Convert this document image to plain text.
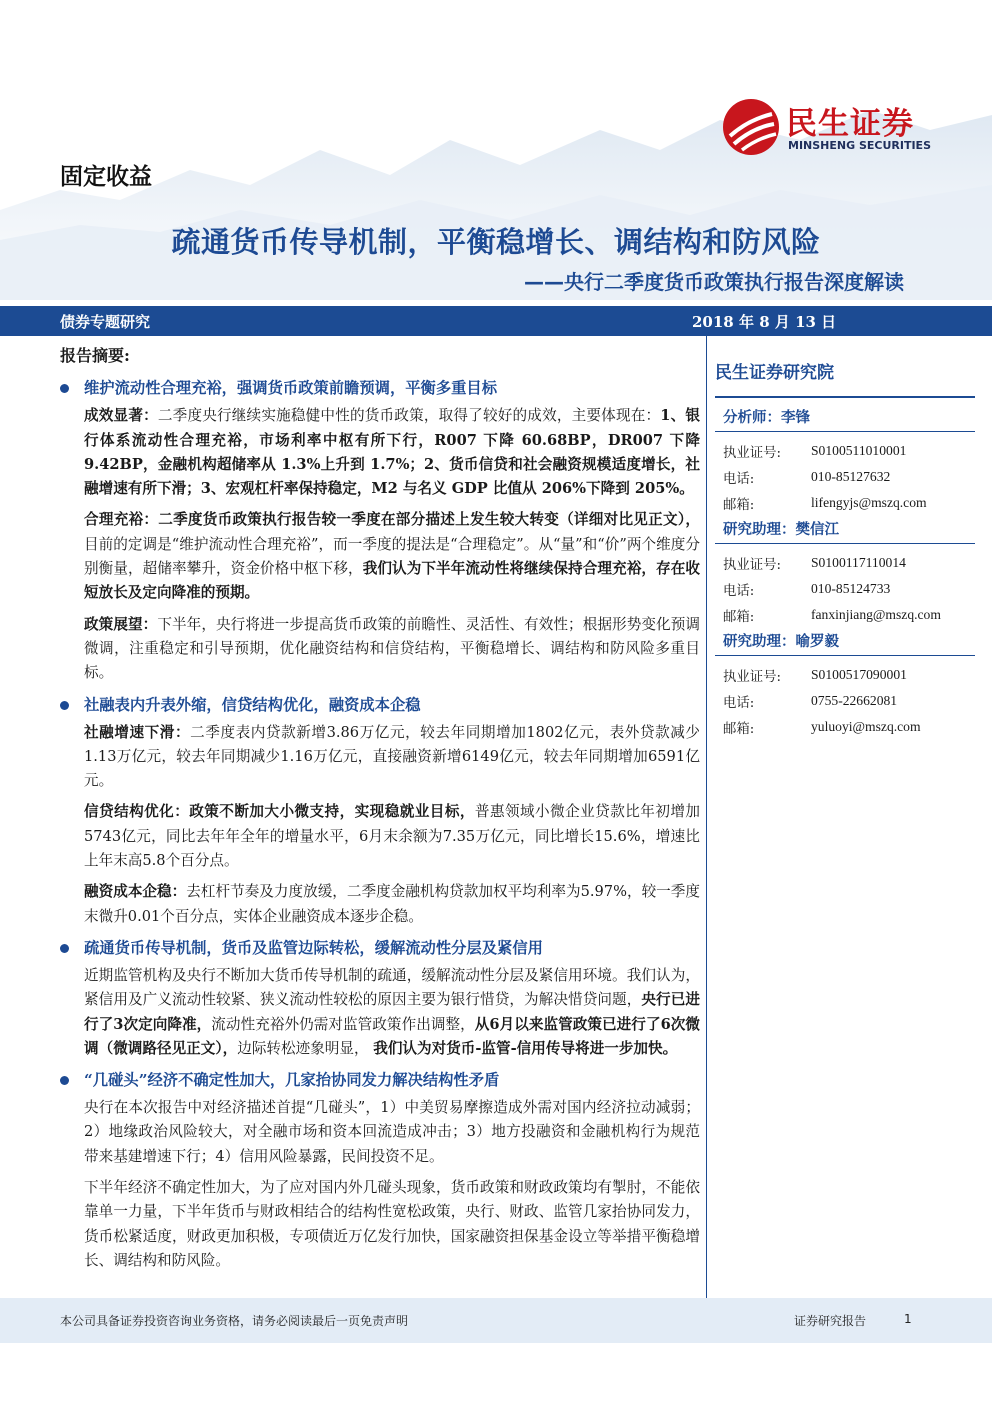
民生证券
MINSHENG SECURITIES
固定收益
疏通货币传导机制，平衡稳增长、调结构和防风险
——央行二季度货币政策执行报告深度解读
债券专题研究	2018 年 8 月 13 日
报告摘要:
维护流动性合理充裕，强调货币政策前瞻预调，平衡多重目标
成效显著：二季度央行继续实施稳健中性的货币政策，取得了较好的成效，主要体现在：1、银行体系流动性合理充裕，市场利率中枢有所下行，R007 下降 60.68BP，DR007 下降 9.42BP，金融机构超储率从 1.3%上升到 1.7%；2、货币信贷和社会融资规模适度增长，社融增速有所下滑；3、宏观杠杆率保持稳定，M2 与名义 GDP 比值从 206%下降到 205%。
合理充裕：二季度货币政策执行报告较一季度在部分描述上发生较大转变（详细对比见正文），目前的定调是“维护流动性合理充裕”，而一季度的提法是“合理稳定”。从“量”和“价”两个维度分别衡量，超储率攀升，资金价格中枢下移，我们认为下半年流动性将继续保持合理充裕，存在收短放长及定向降准的预期。
政策展望：下半年，央行将进一步提高货币政策的前瞻性、灵活性、有效性；根据形势变化预调微调，注重稳定和引导预期，优化融资结构和信贷结构，平衡稳增长、调结构和防风险多重目标。
社融表内升表外缩，信贷结构优化，融资成本企稳
社融增速下滑：二季度表内贷款新增3.86万亿元，较去年同期增加1802亿元，表外贷款减少1.13万亿元，较去年同期减少1.16万亿元，直接融资新增6149亿元，较去年同期增加6591亿元。
信贷结构优化：政策不断加大小微支持，实现稳就业目标，普惠领域小微企业贷款比年初增加5743亿元，同比去年年全年的增量水平，6月末余额为7.35万亿元，同比增长15.6%，增速比上年末高5.8个百分点。
融资成本企稳：去杠杆节奏及力度放缓，二季度金融机构贷款加权平均利率为5.97%，较一季度末微升0.01个百分点，实体企业融资成本逐步企稳。
疏通货币传导机制，货币及监管边际转松，缓解流动性分层及紧信用
近期监管机构及央行不断加大货币传导机制的疏通，缓解流动性分层及紧信用环境。我们认为，紧信用及广义流动性较紧、狭义流动性较松的原因主要为银行惜贷，为解决惜贷问题，央行已进行了3次定向降准，流动性充裕外仍需对监管政策作出调整，从6月以来监管政策已进行了6次微调（微调路径见正文），边际转松迹象明显， 我们认为对货币-监管-信用传导将进一步加快。
“几碰头”经济不确定性加大，几家抬协同发力解决结构性矛盾
央行在本次报告中对经济描述首提“几碰头”，1）中美贸易摩擦造成外需对国内经济拉动减弱；2）地缘政治风险较大，对全融市场和资本回流造成冲击；3）地方投融资和金融机构行为规范带来基建增速下行；4）信用风险暴露，民间投资不足。
下半年经济不确定性加大，为了应对国内外几碰头现象，货币政策和财政政策均有掣肘，不能依靠单一力量，下半年货币与财政相结合的结构性宽松政策，央行、财政、监管几家抬协同发力，货币松紧适度，财政更加积极，专项债近万亿发行加快，国家融资担保基金设立等举措平衡稳增长、调结构和防风险。
民生证券研究院
分析师：李锋
执业证号:	S0100511010001
电话:	010-85127632
邮箱:	lifengyjs@mszq.com
研究助理：樊信江
执业证号:	S0100117110014
电话:	010-85124733
邮箱:	fanxinjiang@mszq.com
研究助理：喻罗毅
执业证号:	S0100517090001
电话:	0755-22662081
邮箱:	yuluoyi@mszq.com
本公司具备证券投资咨询业务资格，请务必阅读最后一页免责声明	证券研究报告	1
